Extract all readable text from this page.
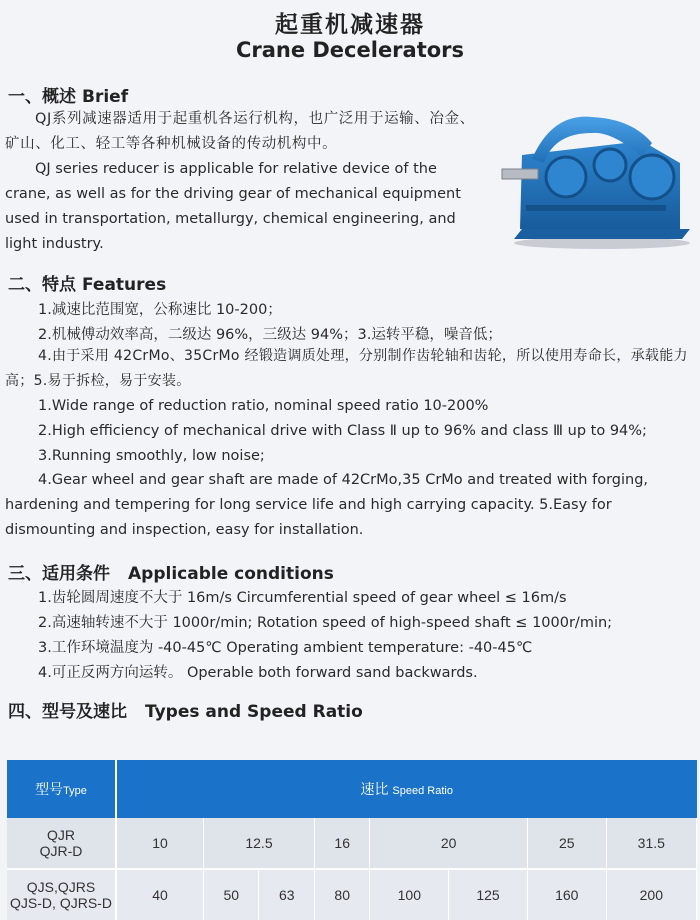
起重机减速器
Crane Decelerators
一、概述 Brief
QJ系列减速器适用于起重机各运行机构，也广泛用于运输、冶金、矿山、化工、轻工等各种机械设备的传动机构中。
QJ series reducer is applicable for relative device of the crane, as well as for the driving gear of mechanical equipment used in transportation, metallurgy, chemical engineering, and light industry.
二、特点 Features
1.减速比范围宽，公称速比 10-200；
2.机械傅动效率高，二级达 96%，三级达 94%；3.运转平稳，噪音低；
4.由于采用 42CrMo、35CrMo 经锻造调质处理，分别制作齿轮轴和齿轮，所以使用寿命长，承载能力高；5.易于拆检，易于安装。
1.Wide range of reduction ratio, nominal speed ratio 10-200%
2.High efficiency of mechanical drive with Class Ⅱ up to 96% and class Ⅲ up to 94%;
3.Running smoothly, low noise;
4.Gear wheel and gear shaft are made of 42CrMo,35 CrMo and treated with forging, hardening and tempering for long service life and high carrying capacity. 5.Easy for dismounting and inspection, easy for installation.
三、适用条件 Applicable conditions
1.齿轮圆周速度不大于 16m/s Circumferential speed of gear wheel ≤ 16m/s
2.高速轴转速不大于 1000r/min; Rotation speed of high-speed shaft ≤ 1000r/min;
3.工作环境温度为 -40-45℃ Operating ambient temperature: -40-45℃
4.可正反两方向运转。 Operable both forward sand backwards.
四、型号及速比 Types and Speed Ratio
型号Type	速比 Speed Ratio							

QJR
QJR-D	10	12.5		16	20		25	31.5

QJS,QJRS
QJS-D, QJRS-D	40	50	63	80	100	125	160	200
